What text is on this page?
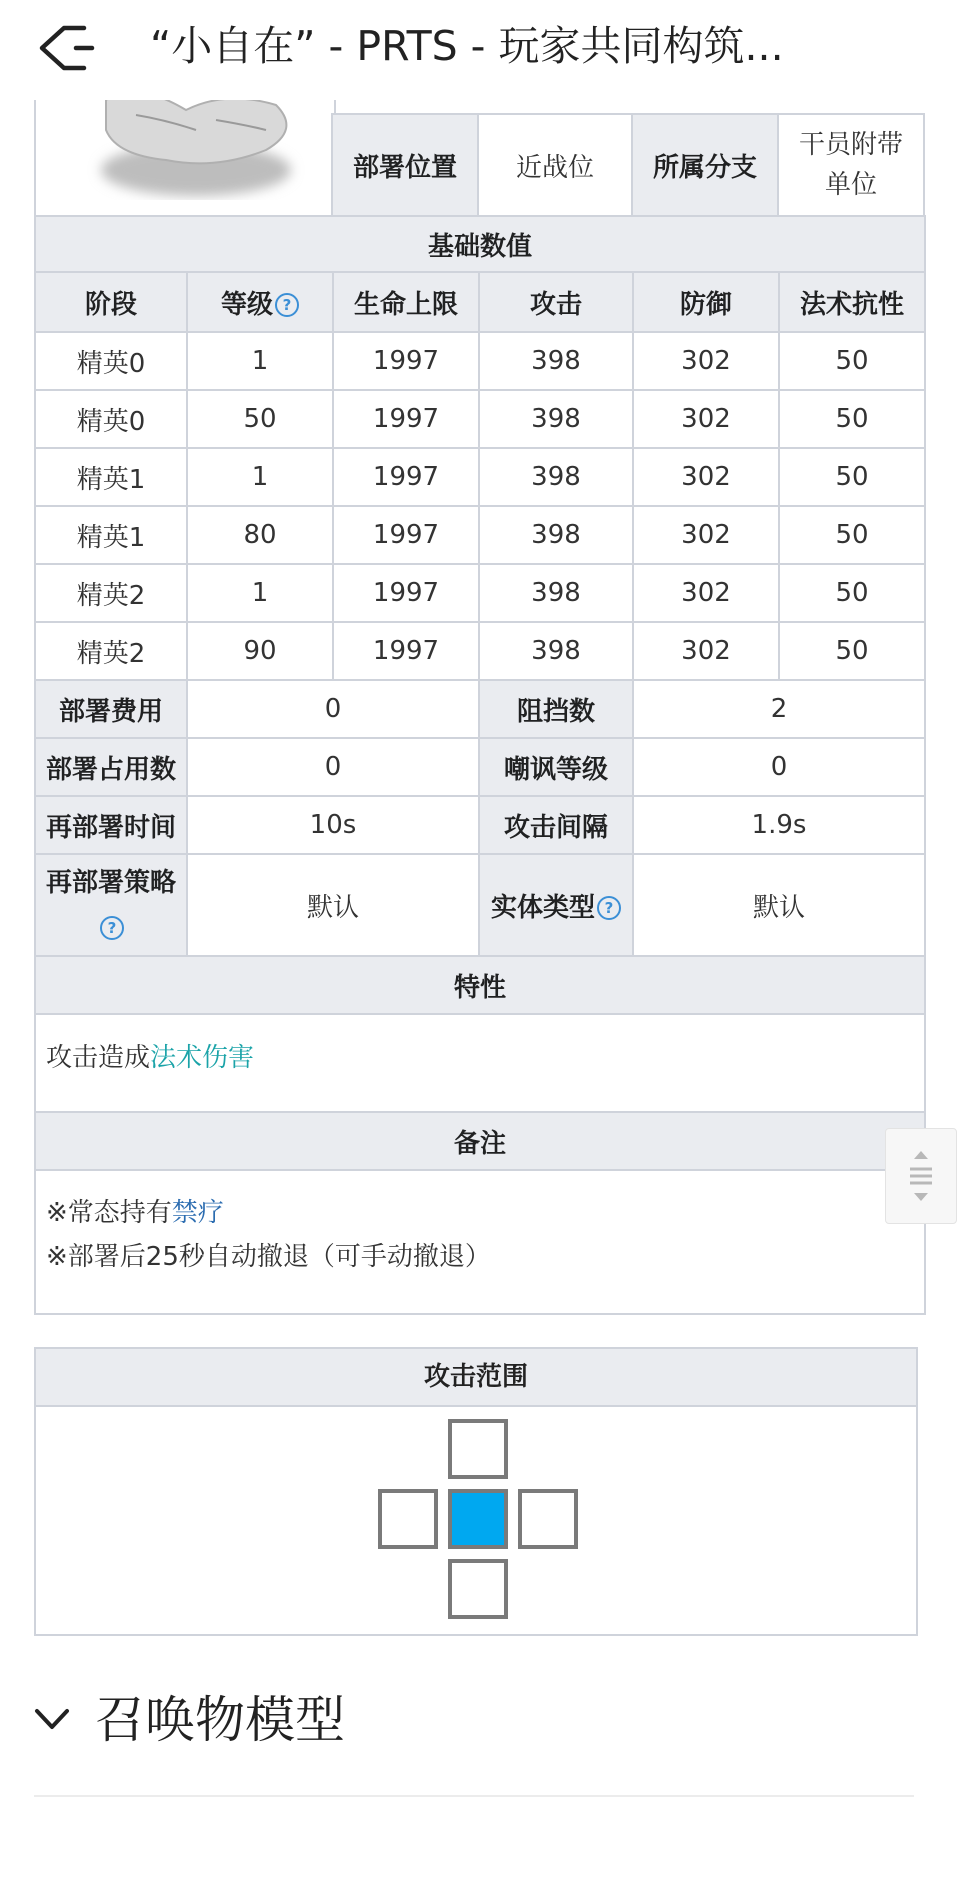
“小自在” - PRTS - 玩家共同构筑...
	部署位置	近战位	所属分支	干员附带
单位
基础数值					
阶段	等级 ?	生命上限	攻击	防御	法术抗性
精英0	1	1997	398	302	50
精英0	50	1997	398	302	50
精英1	1	1997	398	302	50
精英1	80	1997	398	302	50
精英2	1	1997	398	302	50
精英2	90	1997	398	302	50
部署费用	0		阻挡数	2	
部署占用数	0		嘲讽等级	0	
再部署时间	10s		攻击间隔	1.9s	
再部署策略
?	默认		实体类型 ?	默认	
特性					
攻击造成法术伤害					
备注					
※常态持有禁疗
※部署后25秒自动撤退（可手动撤退）					
攻击范围
召唤物模型
